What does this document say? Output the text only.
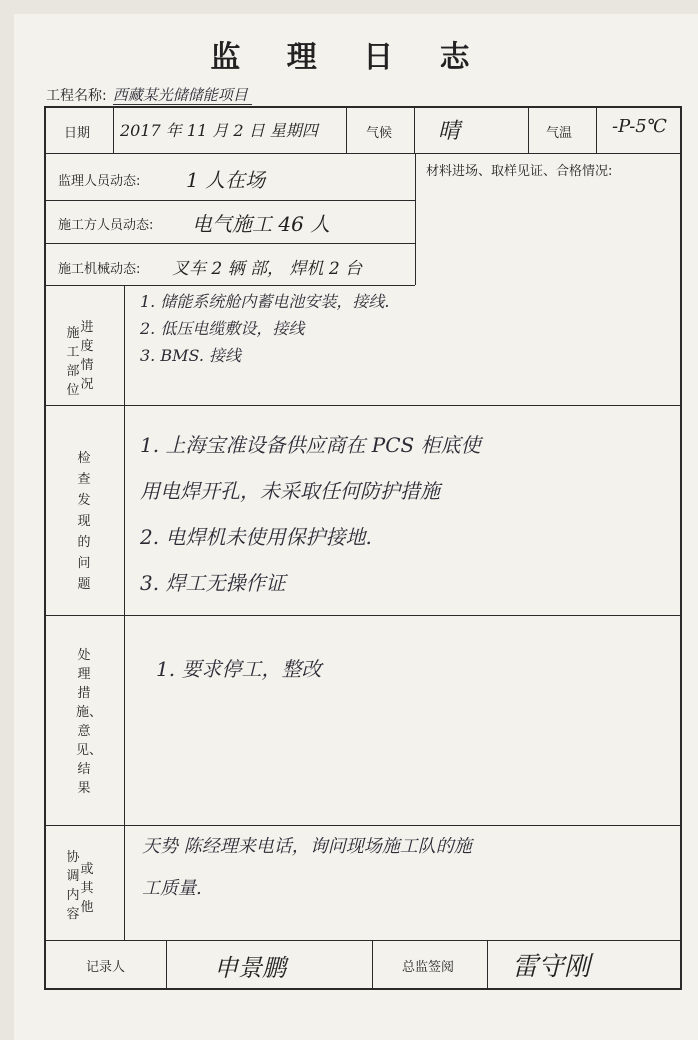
监 理 日 志
工程名称: 西藏某光储储能项目
日期 2017 年 11 月 2 日 星期四	气候 晴	气温 -P-5℃
监理人员动态: 1 人在场
施工方人员动态: 电气施工 46 人
施工机械动态: 叉车 2 辆 部， 焊机 2 台
材料进场、取样见证、合格情况:
施工部位进度情况
1. 储能系统舱内蓄电池安装，接线.
2. 低压电缆敷设，接线
3. BMS. 接线
检查发现的问题
1. 上海宝准设备供应商在 PCS 柜底使
用电焊开孔，未采取任何防护措施
2. 电焊机未使用保护接地.
3. 焊工无操作证
处理措施、意见、结果
1. 要求停工，整改
协调内容或其他
天势 陈经理来电话，询问现场施工队的施
工质量.
记录人	申景鹏	总监签阅 雷守刚
